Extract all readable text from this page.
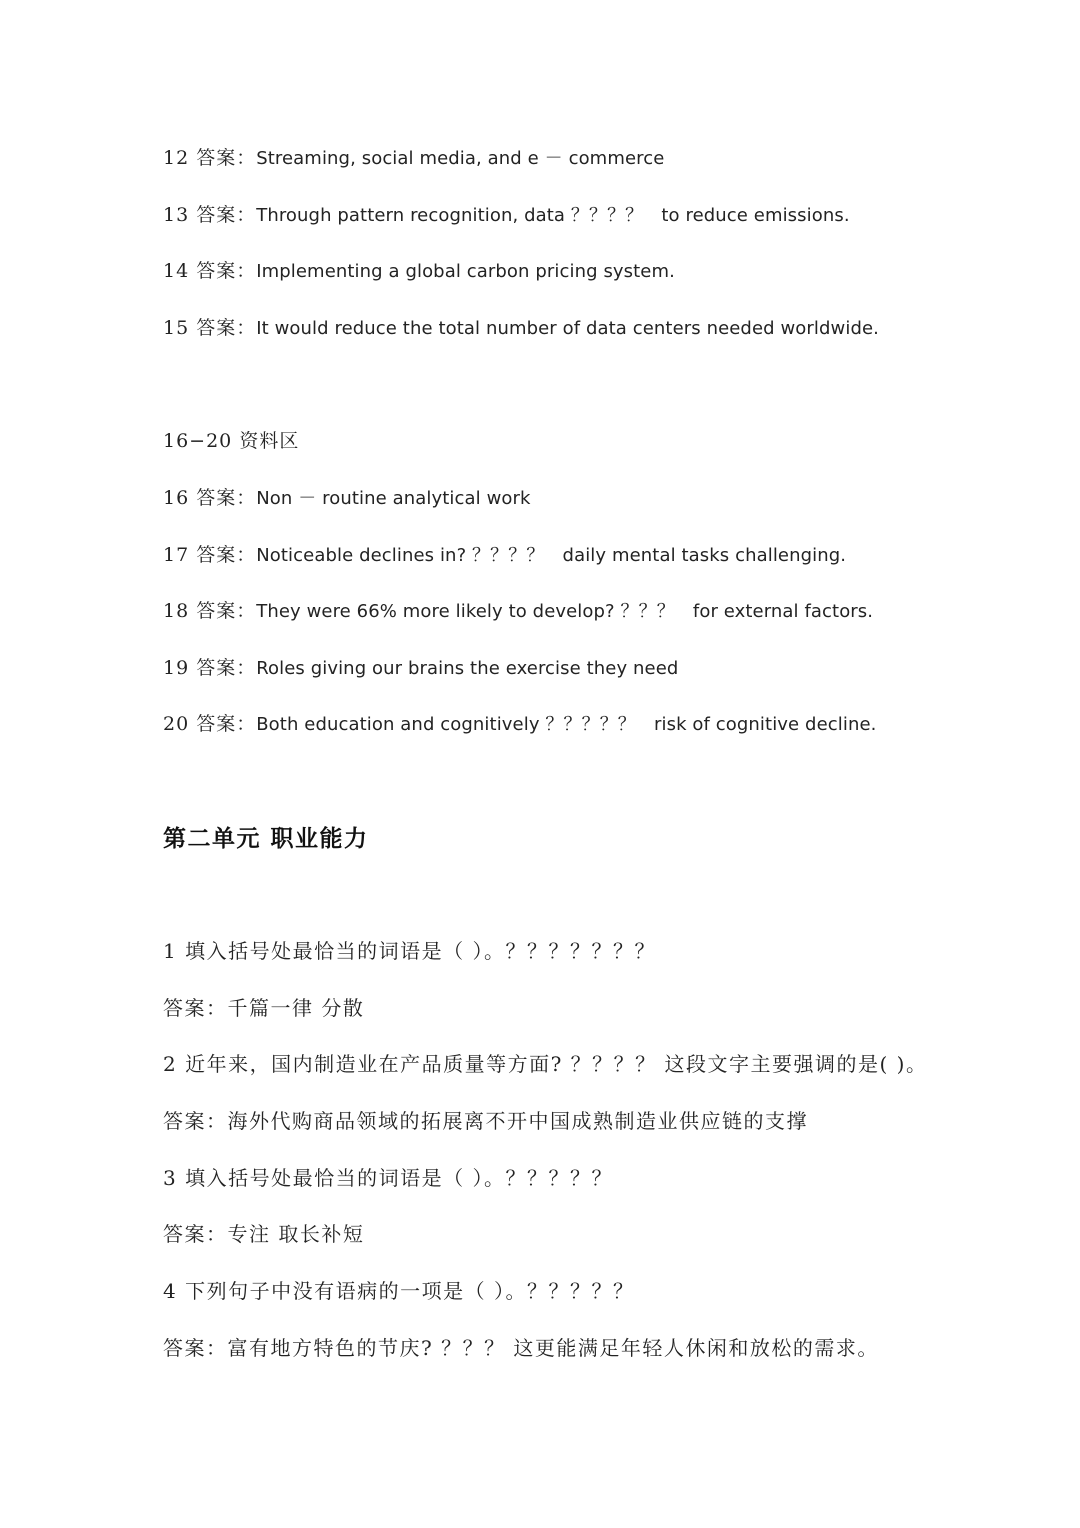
12 答案：Streaming, social media, and e － commerce
13 答案：Through pattern recognition, data ？？？？　to reduce emissions.
14 答案：Implementing a global carbon pricing system.
15 答案：It would reduce the total number of data centers needed worldwide.
16−20 资料区
16 答案：Non － routine analytical work
17 答案：Noticeable declines in? ？？？？　daily mental tasks challenging.
18 答案：They were 66% more likely to develop? ？？？　for external factors.
19 答案：Roles giving our brains the exercise they need
20 答案：Both education and cognitively ？？？？？　risk of cognitive decline.
第二单元 职业能力
1 填入括号处最恰当的词语是（ ）。？？？？？？？
答案：千篇一律 分散
2 近年来，国内制造业在产品质量等方面? ？？？？ 这段文字主要强调的是( )。
答案：海外代购商品领域的拓展离不开中国成熟制造业供应链的支撑
3 填入括号处最恰当的词语是（ ）。？？？？？
答案：专注 取长补短
4 下列句子中没有语病的一项是（ ）。？？？？？
答案：富有地方特色的节庆? ？？？ 这更能满足年轻人休闲和放松的需求。
